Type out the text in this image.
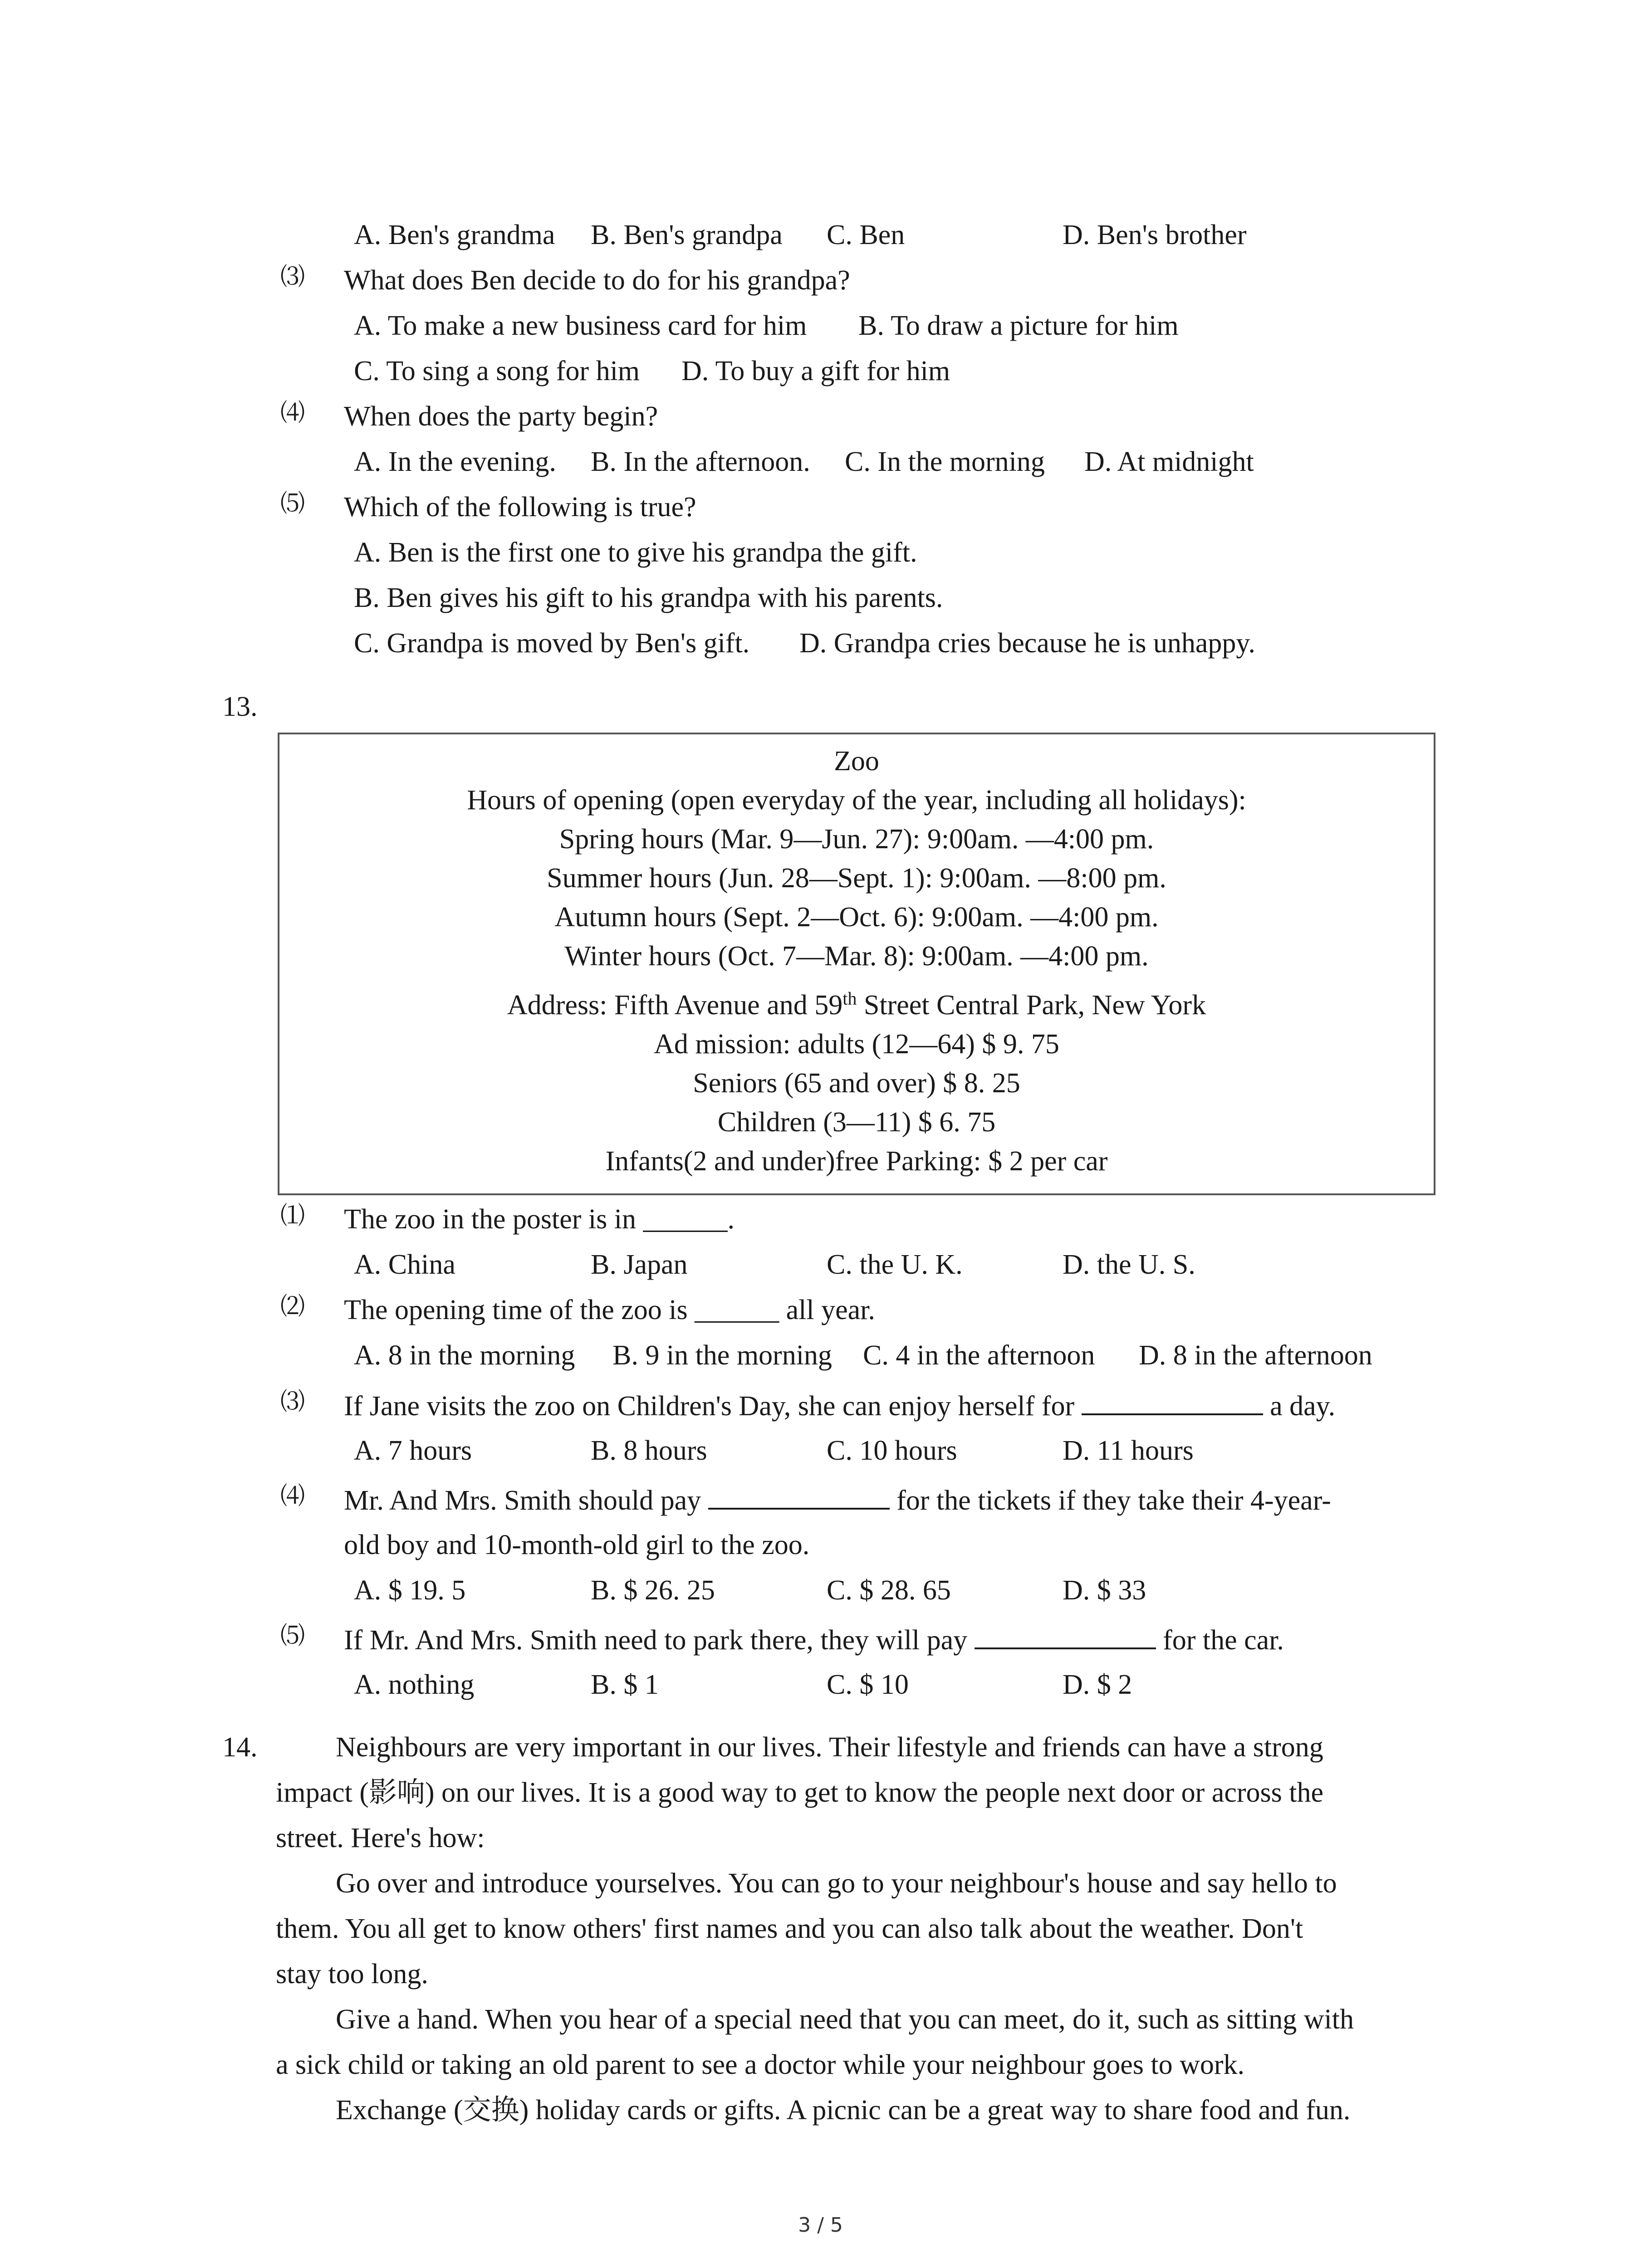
A. Ben's grandma B. Ben's grandpa C. Ben	D. Ben's brother
⑶ What does Ben decide to do for his grandpa?
A. To make a new business card for him B. To draw a picture for him
C. To sing a song for him D. To buy a gift for him
⑷ When does the party begin?
A. In the evening. B. In the afternoon. C. In the morning D. At midnight
⑸ Which of the following is true?
A. Ben is the first one to give his grandpa the gift.
B. Ben gives his gift to his grandpa with his parents.
C. Grandpa is moved by Ben's gift. D. Grandpa cries because he is unhappy.
13.
Zoo
Hours of opening (open everyday of the year, including all holidays):
Spring hours (Mar. 9—Jun. 27): 9:00am. —4:00 pm.
Summer hours (Jun. 28—Sept. 1): 9:00am. —8:00 pm.
Autumn hours (Sept. 2—Oct. 6): 9:00am. —4:00 pm.
Winter hours (Oct. 7—Mar. 8): 9:00am. —4:00 pm.
Address: Fifth Avenue and 59th Street Central Park, New York
Ad mission: adults (12—64) $ 9. 75
Seniors (65 and over) $ 8. 25
Children (3—11) $ 6. 75
Infants(2 and under)free Parking: $ 2 per car
⑴ The zoo in the poster is in ______.
A. China	B. Japan	C. the U. K.	D. the U. S.
⑵ The opening time of the zoo is ______ all year.
A. 8 in the morning B. 9 in the morning C. 4 in the afternoon D. 8 in the afternoon
⑶ If Jane visits the zoo on Children's Day, she can enjoy herself for	a day.
A. 7 hours	B. 8 hours	C. 10 hours	D. 11 hours
⑷ Mr. And Mrs. Smith should pay	for the tickets if they take their 4-year-
old boy and 10-month-old girl to the zoo.
A. $ 19. 5	B. $ 26. 25	C. $ 28. 65	D. $ 33
⑸ If Mr. And Mrs. Smith need to park there, they will pay	for the car.
A. nothing	B. $ 1	C. $ 10	D. $ 2
14.	Neighbours are very important in our lives. Their lifestyle and friends can have a strong
impact (影响) on our lives. It is a good way to get to know the people next door or across the
street. Here's how:
Go over and introduce yourselves. You can go to your neighbour's house and say hello to
them. You all get to know others' first names and you can also talk about the weather. Don't
stay too long.
Give a hand. When you hear of a special need that you can meet, do it, such as sitting with
a sick child or taking an old parent to see a doctor while your neighbour goes to work.
Exchange (交换) holiday cards or gifts. A picnic can be a great way to share food and fun.
3 / 5
